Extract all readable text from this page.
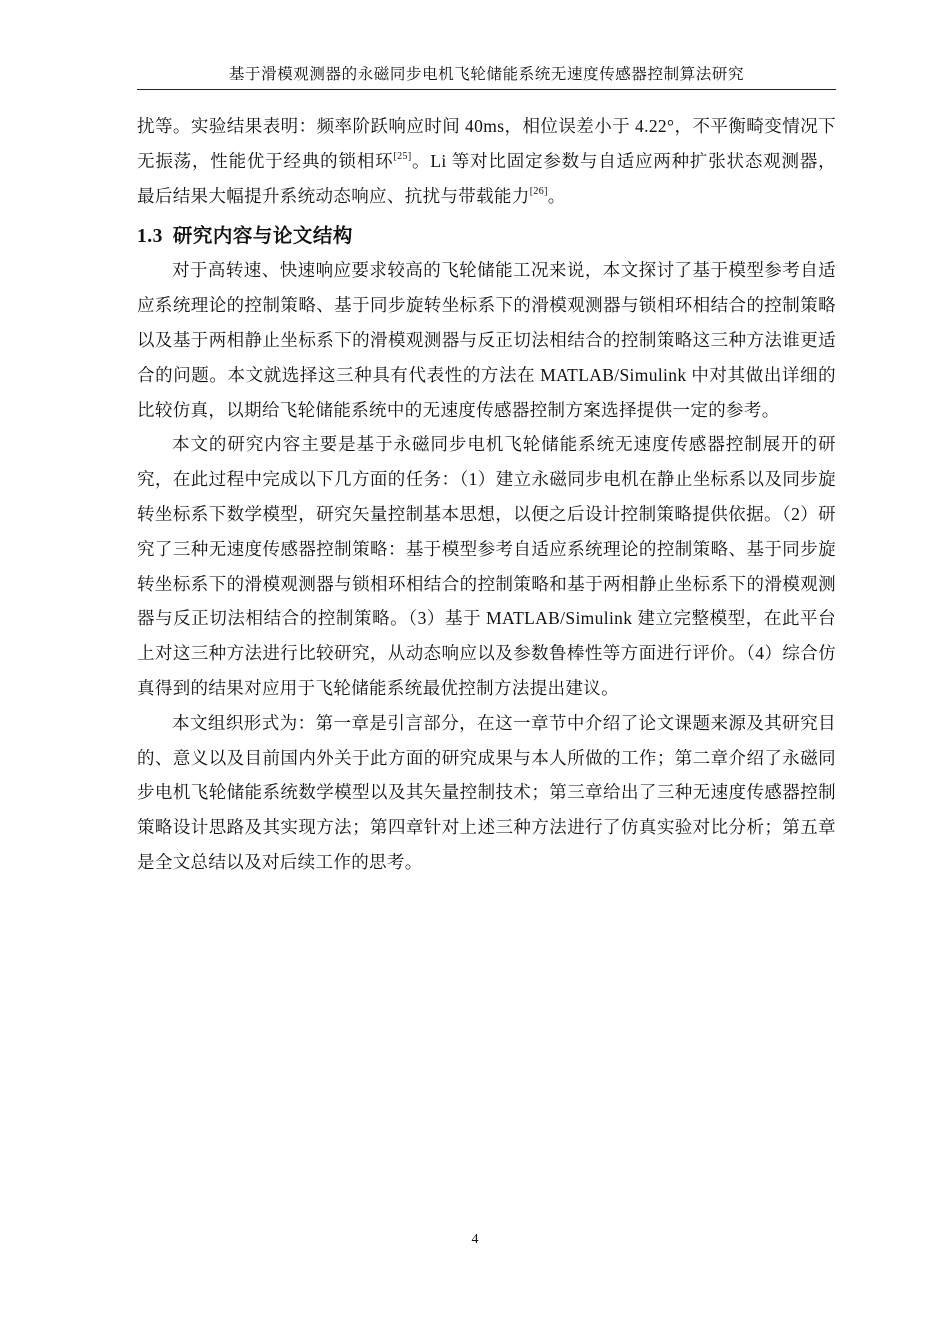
基于滑模观测器的永磁同步电机飞轮储能系统无速度传感器控制算法研究

扰等。实验结果表明：频率阶跃响应时间 40ms，相位误差小于 4.22°，不平衡畸变情况下无振荡，性能优于经典的锁相环[25]。Li 等对比固定参数与自适应两种扩张状态观测器，最后结果大幅提升系统动态响应、抗扰与带载能力[26]。

1.3 研究内容与论文结构

对于高转速、快速响应要求较高的飞轮储能工况来说，本文探讨了基于模型参考自适应系统理论的控制策略、基于同步旋转坐标系下的滑模观测器与锁相环相结合的控制策略以及基于两相静止坐标系下的滑模观测器与反正切法相结合的控制策略这三种方法谁更适合的问题。本文就选择这三种具有代表性的方法在 MATLAB/Simulink 中对其做出详细的比较仿真，以期给飞轮储能系统中的无速度传感器控制方案选择提供一定的参考。

本文的研究内容主要是基于永磁同步电机飞轮储能系统无速度传感器控制展开的研究，在此过程中完成以下几方面的任务：（1）建立永磁同步电机在静止坐标系以及同步旋转坐标系下数学模型，研究矢量控制基本思想，以便之后设计控制策略提供依据。（2）研究了三种无速度传感器控制策略：基于模型参考自适应系统理论的控制策略、基于同步旋转坐标系下的滑模观测器与锁相环相结合的控制策略和基于两相静止坐标系下的滑模观测器与反正切法相结合的控制策略。（3）基于 MATLAB/Simulink 建立完整模型，在此平台上对这三种方法进行比较研究，从动态响应以及参数鲁棒性等方面进行评价。（4）综合仿真得到的结果对应用于飞轮储能系统最优控制方法提出建议。

本文组织形式为：第一章是引言部分，在这一章节中介绍了论文课题来源及其研究目的、意义以及目前国内外关于此方面的研究成果与本人所做的工作；第二章介绍了永磁同步电机飞轮储能系统数学模型以及其矢量控制技术；第三章给出了三种无速度传感器控制策略设计思路及其实现方法；第四章针对上述三种方法进行了仿真实验对比分析；第五章是全文总结以及对后续工作的思考。

4
